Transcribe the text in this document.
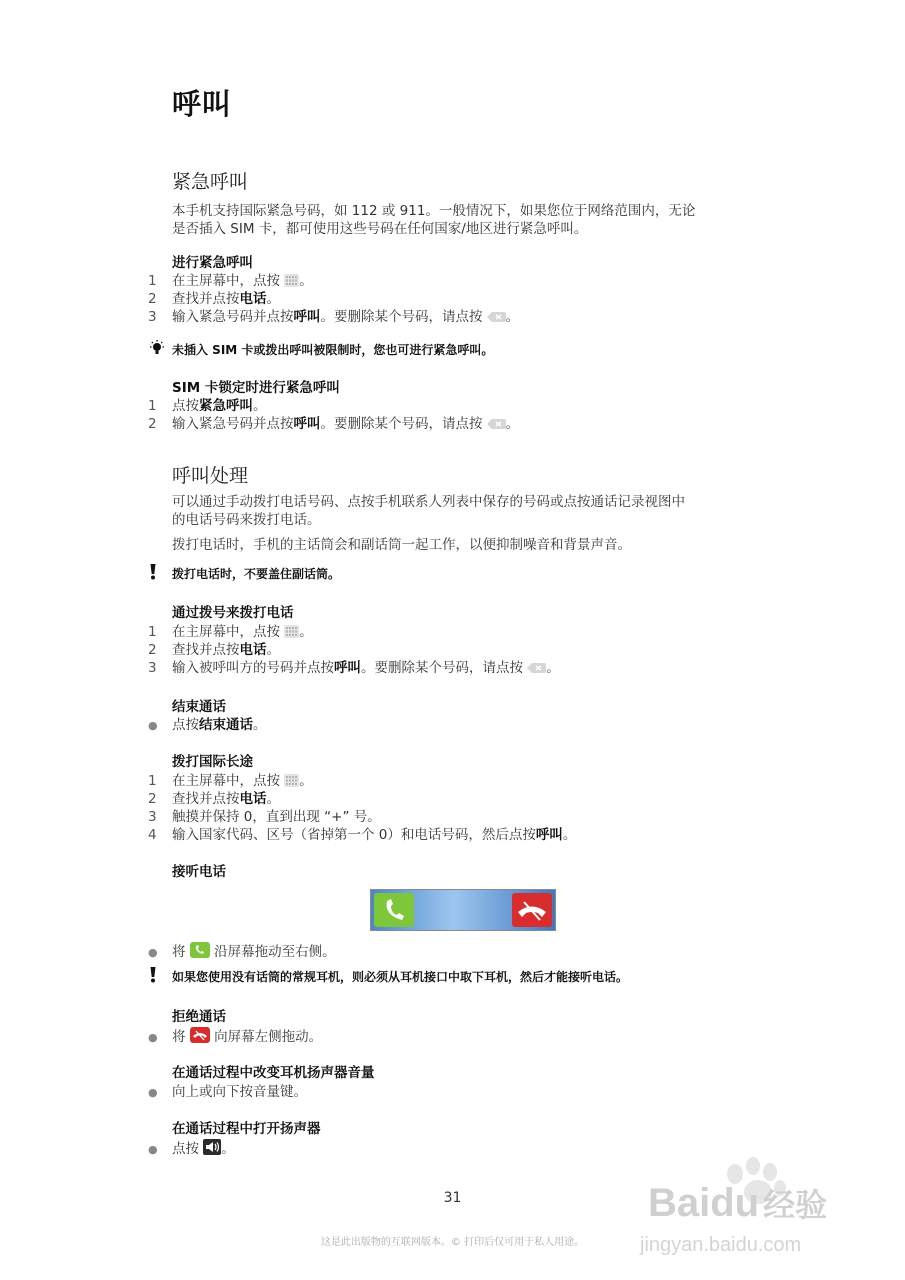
呼叫
紧急呼叫
本手机支持国际紧急号码，如 112 或 911。一般情况下，如果您位于网络范围内，无论
是否插入 SIM 卡，都可使用这些号码在任何国家/地区进行紧急呼叫。
进行紧急呼叫
1 在主屏幕中，点按 。
2 查找并点按电话。
3 输入紧急号码并点按呼叫。要删除某个号码，请点按 。
未插入 SIM 卡或拨出呼叫被限制时，您也可进行紧急呼叫。
SIM 卡锁定时进行紧急呼叫
1 点按紧急呼叫。
2 输入紧急号码并点按呼叫。要删除某个号码，请点按 。
呼叫处理
可以通过手动拨打电话号码、点按手机联系人列表中保存的号码或点按通话记录视图中
的电话号码来拨打电话。
拨打电话时，手机的主话筒会和副话筒一起工作，以便抑制噪音和背景声音。
拨打电话时，不要盖住副话筒。
通过拨号来拨打电话
1 在主屏幕中，点按 。
2 查找并点按电话。
3 输入被呼叫方的号码并点按呼叫。要删除某个号码，请点按 。
结束通话
● 点按结束通话。
拨打国际长途
1 在主屏幕中，点按 。
2 查找并点按电话。
3 触摸并保持 0，直到出现 “+” 号。
4 输入国家代码、区号（省掉第一个 0）和电话号码，然后点按呼叫。
接听电话
● 将  沿屏幕拖动至右侧。
如果您使用没有话筒的常规耳机，则必须从耳机接口中取下耳机，然后才能接听电话。
拒绝通话
● 将  向屏幕左侧拖动。
在通话过程中改变耳机扬声器音量
● 向上或向下按音量键。
在通话过程中打开扬声器
● 点按 。
31
这是此出版物的互联网版本。© 打印后仅可用于私人用途。
Baidu 经验
jingyan.baidu.com
